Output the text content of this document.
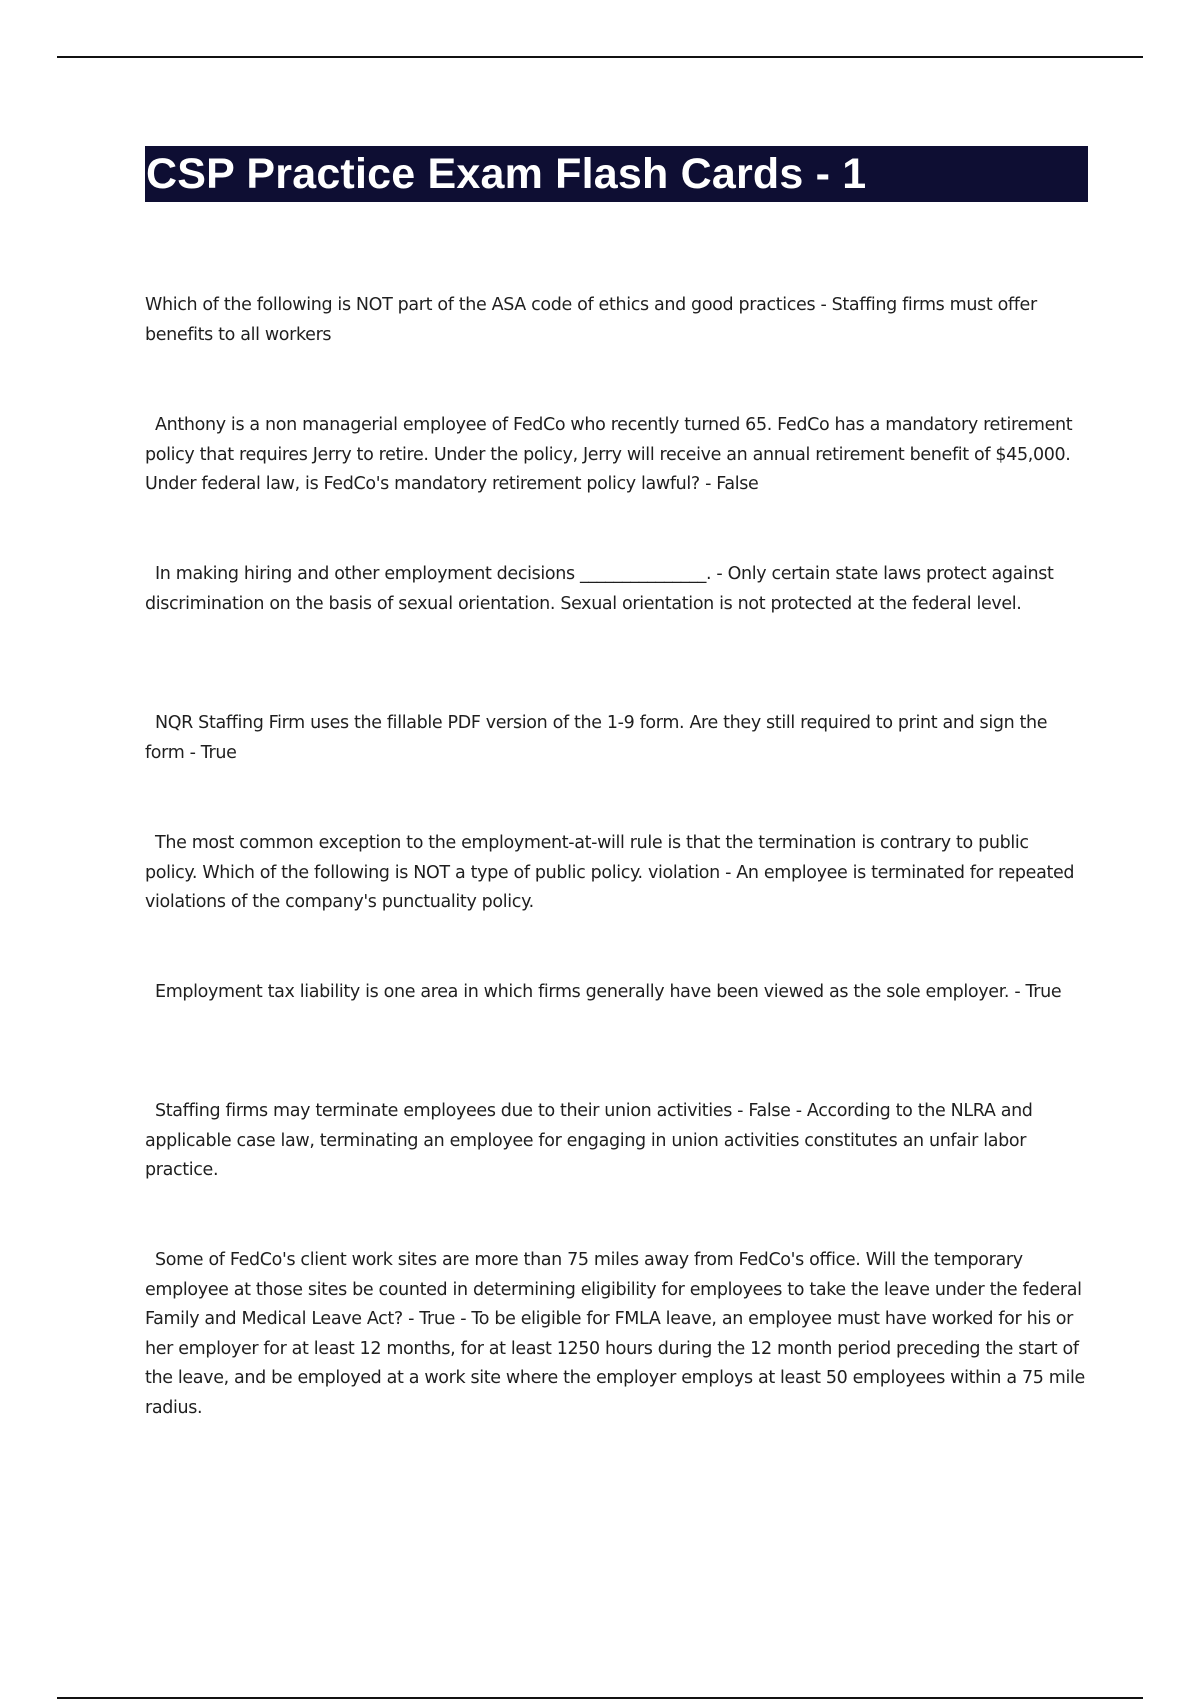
CSP Practice Exam Flash Cards - 1

Which of the following is NOT part of the ASA code of ethics and good practices - Staffing firms must offer benefits to all workers

Anthony is a non managerial employee of FedCo who recently turned 65. FedCo has a mandatory retirement policy that requires Jerry to retire. Under the policy, Jerry will receive an annual retirement benefit of $45,000. Under federal law, is FedCo's mandatory retirement policy lawful? - False

In making hiring and other employment decisions _______________. - Only certain state laws protect against discrimination on the basis of sexual orientation. Sexual orientation is not protected at the federal level.

NQR Staffing Firm uses the fillable PDF version of the 1-9 form. Are they still required to print and sign the form - True

The most common exception to the employment-at-will rule is that the termination is contrary to public policy. Which of the following is NOT a type of public policy. violation - An employee is terminated for repeated violations of the company's punctuality policy.

Employment tax liability is one area in which firms generally have been viewed as the sole employer. - True

Staffing firms may terminate employees due to their union activities - False - According to the NLRA and applicable case law, terminating an employee for engaging in union activities constitutes an unfair labor practice.

Some of FedCo's client work sites are more than 75 miles away from FedCo's office. Will the temporary employee at those sites be counted in determining eligibility for employees to take the leave under the federal Family and Medical Leave Act? - True - To be eligible for FMLA leave, an employee must have worked for his or her employer for at least 12 months, for at least 1250 hours during the 12 month period preceding the start of the leave, and be employed at a work site where the employer employs at least 50 employees within a 75 mile radius.
